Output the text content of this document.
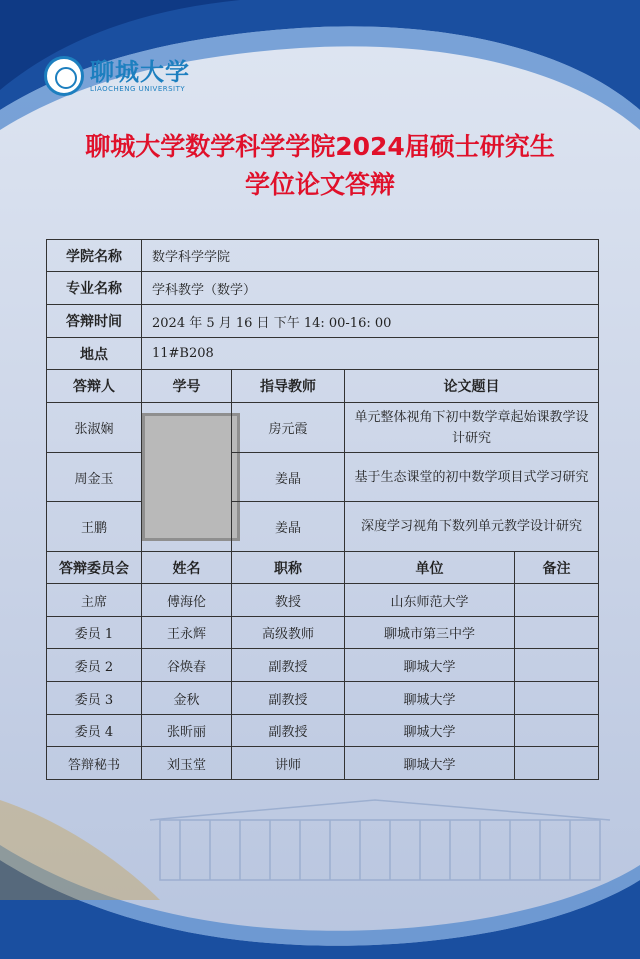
聊城大学
LIAOCHENG UNIVERSITY
聊城大学数学科学学院2024届硕士研究生
学位论文答辩
学院名称	数学科学学院			
专业名称	学科教学（数学）			
答辩时间	2024 年 5 月 16 日 下午 14: 00-16: 00			
地点	11#B208			
答辩人	学号	指导教师	论文题目	
张淑娴		房元霞	单元整体视角下初中数学章起始课教学设计研究	
周金玉		姜晶	基于生态课堂的初中数学项目式学习研究	
王鹏		姜晶	深度学习视角下数列单元教学设计研究	
答辩委员会	姓名	职称	单位	备注
主席	傅海伦	教授	山东师范大学	
委员 1	王永辉	高级教师	聊城市第三中学	
委员 2	谷焕春	副教授	聊城大学	
委员 3	金秋	副教授	聊城大学	
委员 4	张昕丽	副教授	聊城大学	
答辩秘书	刘玉堂	讲师	聊城大学	
